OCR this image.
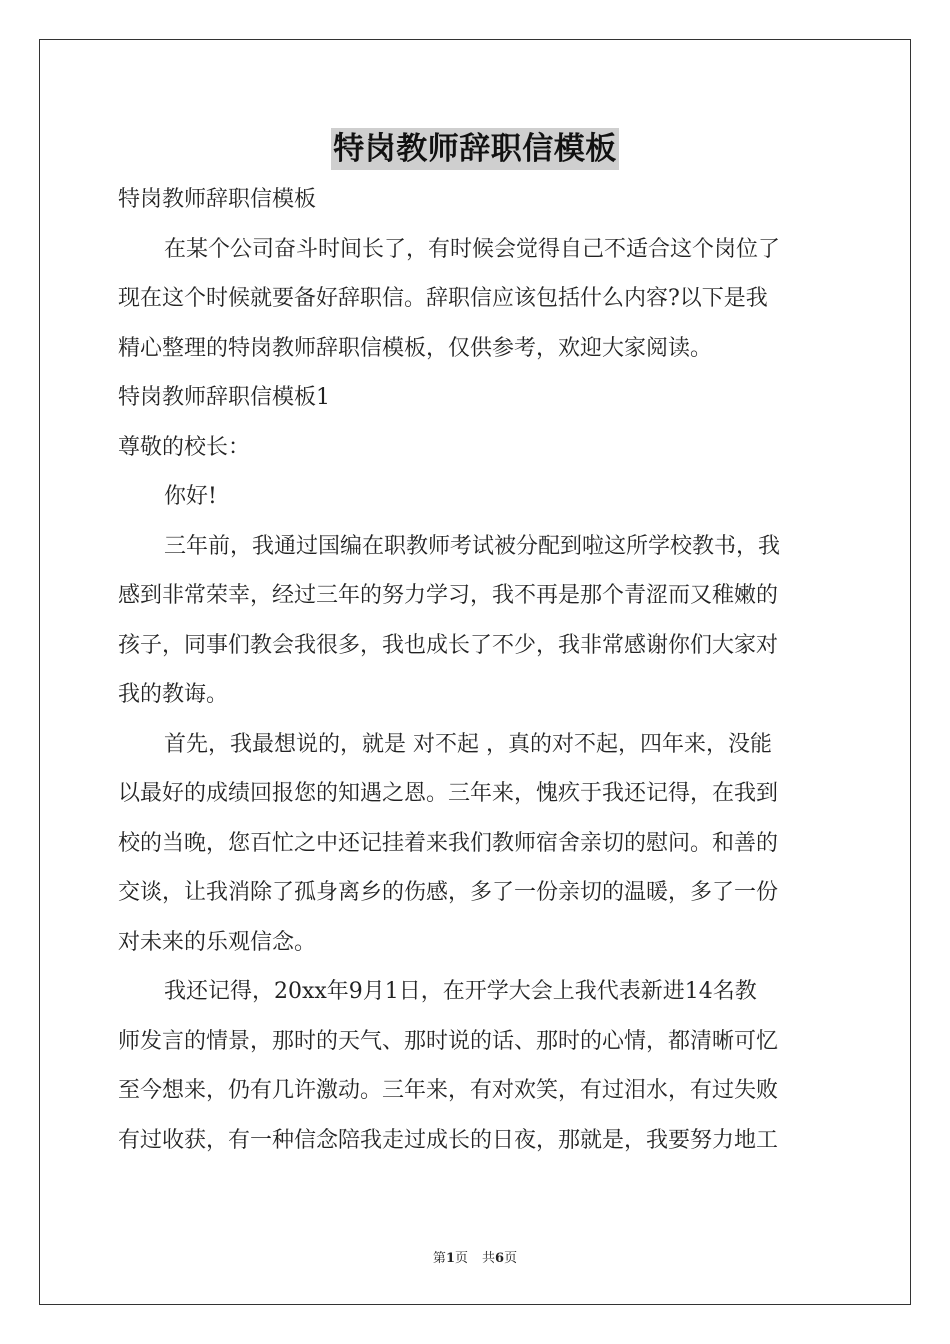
特岗教师辞职信模板
特岗教师辞职信模板
在某个公司奋斗时间长了，有时候会觉得自己不适合这个岗位了
现在这个时候就要备好辞职信。辞职信应该包括什么内容?以下是我
精心整理的特岗教师辞职信模板，仅供参考，欢迎大家阅读。
特岗教师辞职信模板1
尊敬的校长：
你好!
三年前，我通过国编在职教师考试被分配到啦这所学校教书，我
感到非常荣幸，经过三年的努力学习，我不再是那个青涩而又稚嫩的
孩子，同事们教会我很多，我也成长了不少，我非常感谢你们大家对
我的教诲。
首先，我最想说的，就是 对不起 ，真的对不起，四年来，没能
以最好的成绩回报您的知遇之恩。三年来，愧疚于我还记得，在我到
校的当晚，您百忙之中还记挂着来我们教师宿舍亲切的慰问。和善的
交谈，让我消除了孤身离乡的伤感，多了一份亲切的温暖，多了一份
对未来的乐观信念。
我还记得，20xx年9月1日，在开学大会上我代表新进14名教
师发言的情景，那时的天气、那时说的话、那时的心情，都清晰可忆
至今想来，仍有几许激动。三年来，有对欢笑，有过泪水，有过失败
有过收获，有一种信念陪我走过成长的日夜，那就是，我要努力地工
第1页 共6页
